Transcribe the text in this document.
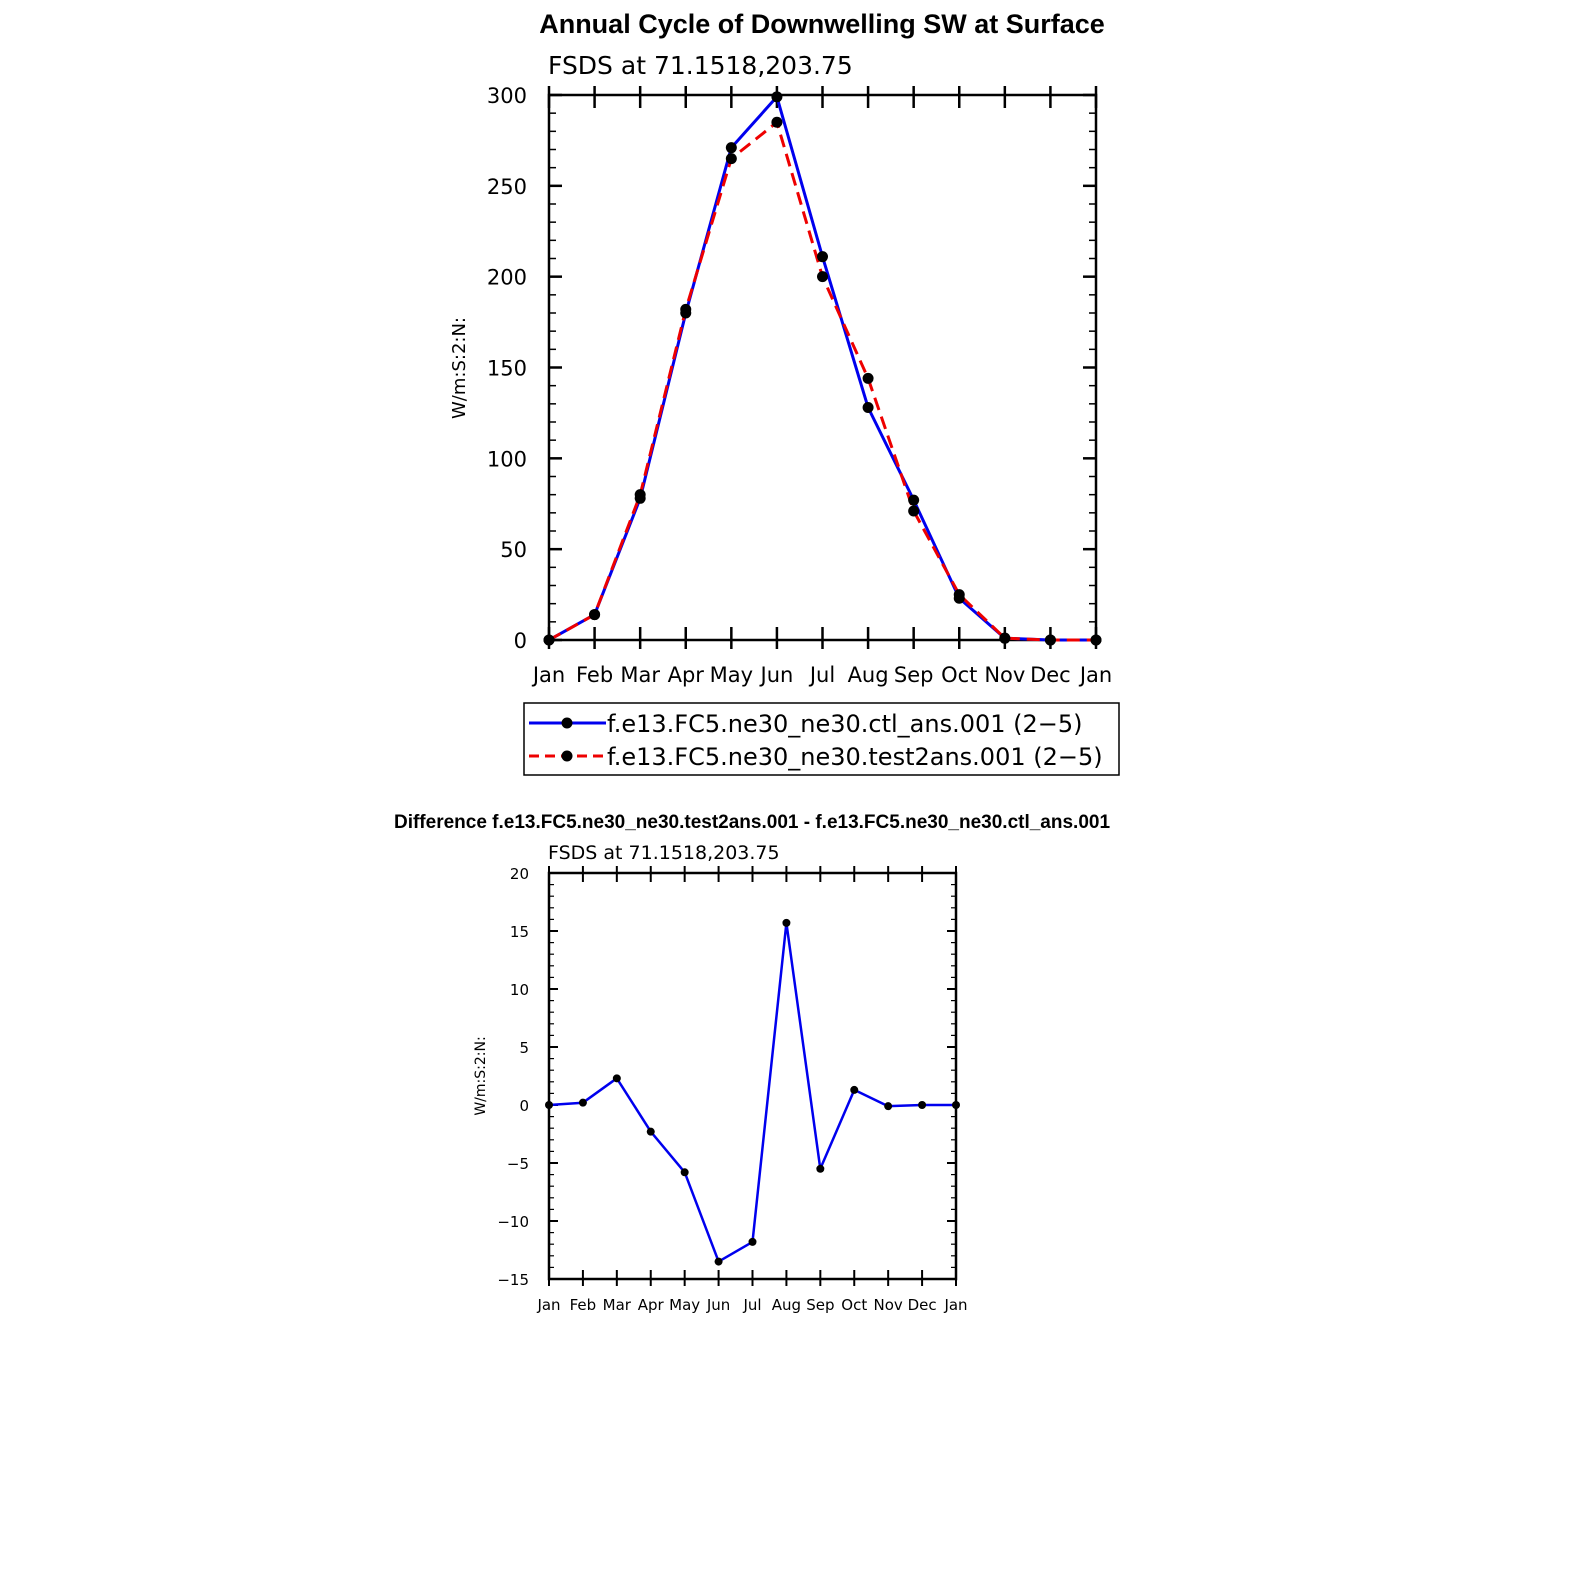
Annual Cycle of Downwelling SW at Surface
FSDS at 71.1518,203.75
W/m:S:2:N:
0
50
100
150
200
250
300
Jan Feb Mar Apr May Jun Jul Aug Sep Oct Nov Dec Jan
f.e13.FC5.ne30_ne30.ctl_ans.001 (2−5)
f.e13.FC5.ne30_ne30.test2ans.001 (2−5)
Difference f.e13.FC5.ne30_ne30.test2ans.001 - f.e13.FC5.ne30_ne30.ctl_ans.001
FSDS at 71.1518,203.75
W/m:S:2:N:
−15
−10
−5
0
5
10
15
20
Jan Feb Mar Apr May Jun Jul Aug Sep Oct Nov Dec Jan
